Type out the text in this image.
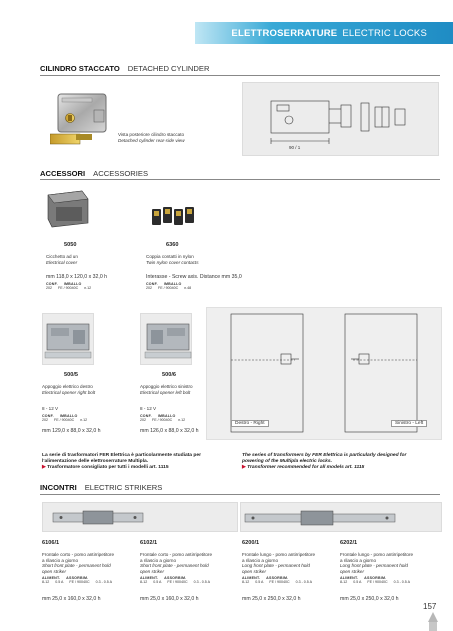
ELETTROSERRATURE ELECTRIC LOCKS
CILINDRO STACCATO DETACHED CYLINDER
Vista posteriore cilindro staccato
Detached cylinder rear-side view
90 / 1
ACCESSORI ACCESSORIES
5050
Cicchetto ad un
Electrical cover
mm 118,0 x 120,0 x 32,0 h
CONF. IMBALLO
202 FE / 90040C n.12
6360
Coppia contatti in nylon
Twin nylon cover contacts
Interasse - Screw axis. Distance mm 35,0
CONF. IMBALLO
202 FE / 90040C n.48
500/5
Appoggio elettrico destro
Electrical opener right bolt
8 - 12 V
CONF. IMBALLO
202 FE / 90040C n.12
mm 129,0 x 88,0 x 32,0 h
500/6
Appoggio elettrico sinistro
Electrical opener left bolt
8 - 12 V
CONF. IMBALLO
202 FE / 90040C n.12
mm 126,0 x 88,0 x 32,0 h
Destro - Right	Sinistro - Left
La serie di trasformatori FER Elettrica è particolarmente studiata per
l'alimentazione delle elettroserrature Multipla.
▶ Trasformatore consigliato per tutti i modelli art. 1115
The series of transformers by FER Elettrica is particularly designed for
powering of the Multipla electric locks.
▶ Transformer recommended for all models art. 1115
INCONTRI ELECTRIC STRIKERS
6106/1
Frontale corto - pomo antirripetitore
a rilascio a giorno
Short front plate - permanent hold
open striker
ALIMENT. ASSORBIM.
8-12 0.5 A FE / 90040C 0.3 - 0.5 A
mm 25,0 x 160,0 x 32,0 h
6102/1
Frontale corto - pomo antirripetitore
a rilascio a giorno
Short front plate - permanent hold
open striker
ALIMENT. ASSORBIM.
8-12 0.5 A FE / 90040C 0.3 - 0.5 A
mm 25,0 x 160,0 x 32,0 h
6200/1
Frontale lungo - pomo antirripetitore
a rilascio a giorno
Long front plate - permanent hold
open striker
ALIMENT. ASSORBIM.
8-12 0.5 A FE / 90040C 0.3 - 0.5 A
mm 25,0 x 250,0 x 32,0 h
6202/1
Frontale lungo - pomo antirripetitore
a rilascio a giorno
Long front plate - permanent hold
open striker
ALIMENT. ASSORBIM.
8-12 0.5 A FE / 90040C 0.3 - 0.5 A
mm 25,0 x 250,0 x 32,0 h
157
